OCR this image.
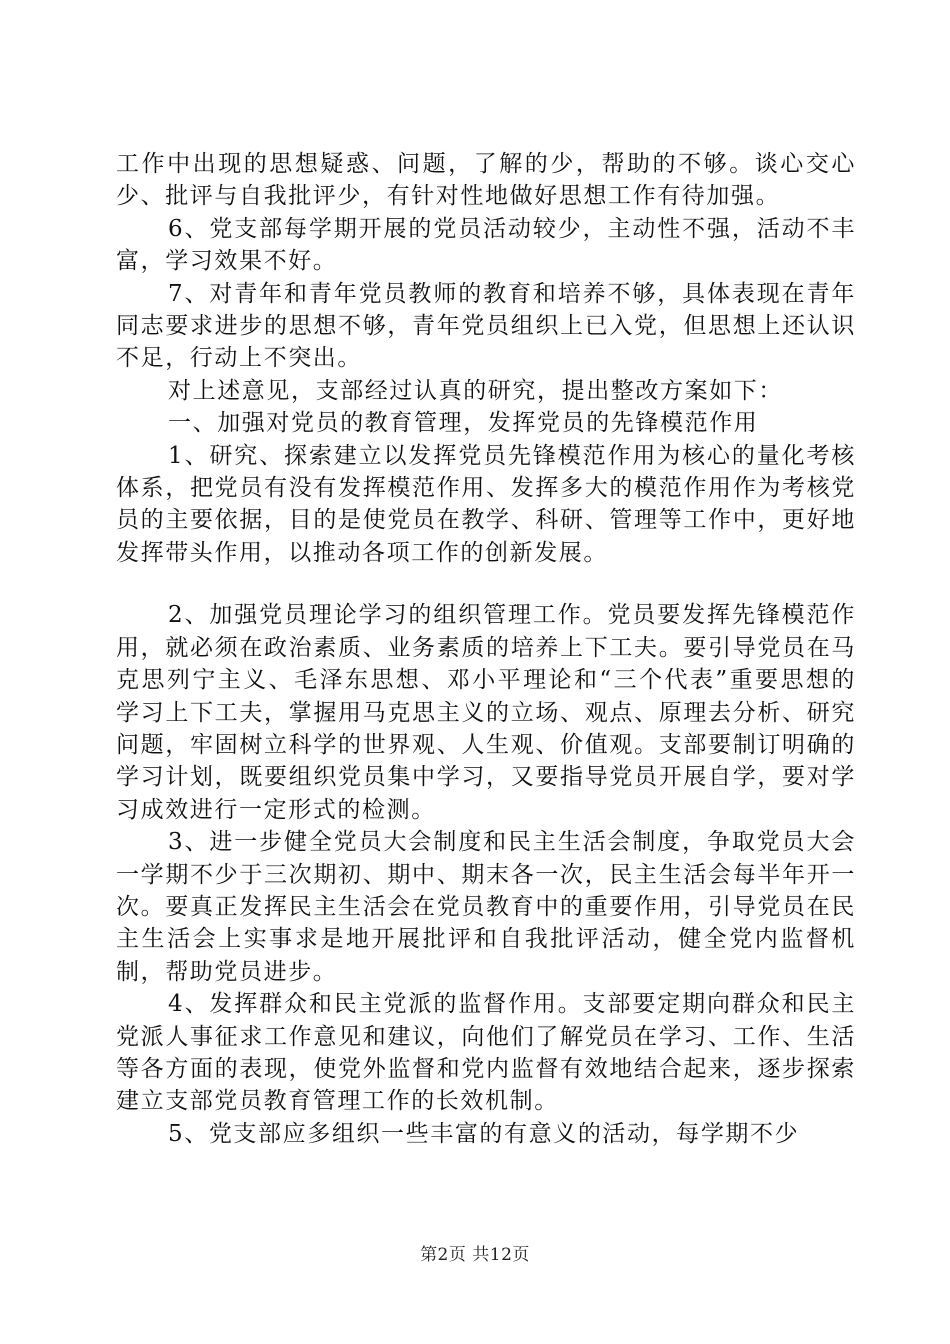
工作中出现的思想疑惑、问题，了解的少，帮助的不够。谈心交心少、批评与自我批评少，有针对性地做好思想工作有待加强。

6、党支部每学期开展的党员活动较少，主动性不强，活动不丰富，学习效果不好。

7、对青年和青年党员教师的教育和培养不够，具体表现在青年同志要求进步的思想不够，青年党员组织上已入党，但思想上还认识不足，行动上不突出。

对上述意见，支部经过认真的研究，提出整改方案如下：

一、加强对党员的教育管理，发挥党员的先锋模范作用

1、研究、探索建立以发挥党员先锋模范作用为核心的量化考核体系，把党员有没有发挥模范作用、发挥多大的模范作用作为考核党员的主要依据，目的是使党员在教学、科研、管理等工作中，更好地发挥带头作用，以推动各项工作的创新发展。

2、加强党员理论学习的组织管理工作。党员要发挥先锋模范作用，就必须在政治素质、业务素质的培养上下工夫。要引导党员在马克思列宁主义、毛泽东思想、邓小平理论和“三个代表”重要思想的学习上下工夫，掌握用马克思主义的立场、观点、原理去分析、研究问题，牢固树立科学的世界观、人生观、价值观。支部要制订明确的学习计划，既要组织党员集中学习，又要指导党员开展自学，要对学习成效进行一定形式的检测。

3、进一步健全党员大会制度和民主生活会制度，争取党员大会一学期不少于三次期初、期中、期末各一次，民主生活会每半年开一次。要真正发挥民主生活会在党员教育中的重要作用，引导党员在民主生活会上实事求是地开展批评和自我批评活动，健全党内监督机制，帮助党员进步。

4、发挥群众和民主党派的监督作用。支部要定期向群众和民主党派人事征求工作意见和建议，向他们了解党员在学习、工作、生活等各方面的表现，使党外监督和党内监督有效地结合起来，逐步探索建立支部党员教育管理工作的长效机制。

5、党支部应多组织一些丰富的有意义的活动，每学期不少

第2页 共12页
